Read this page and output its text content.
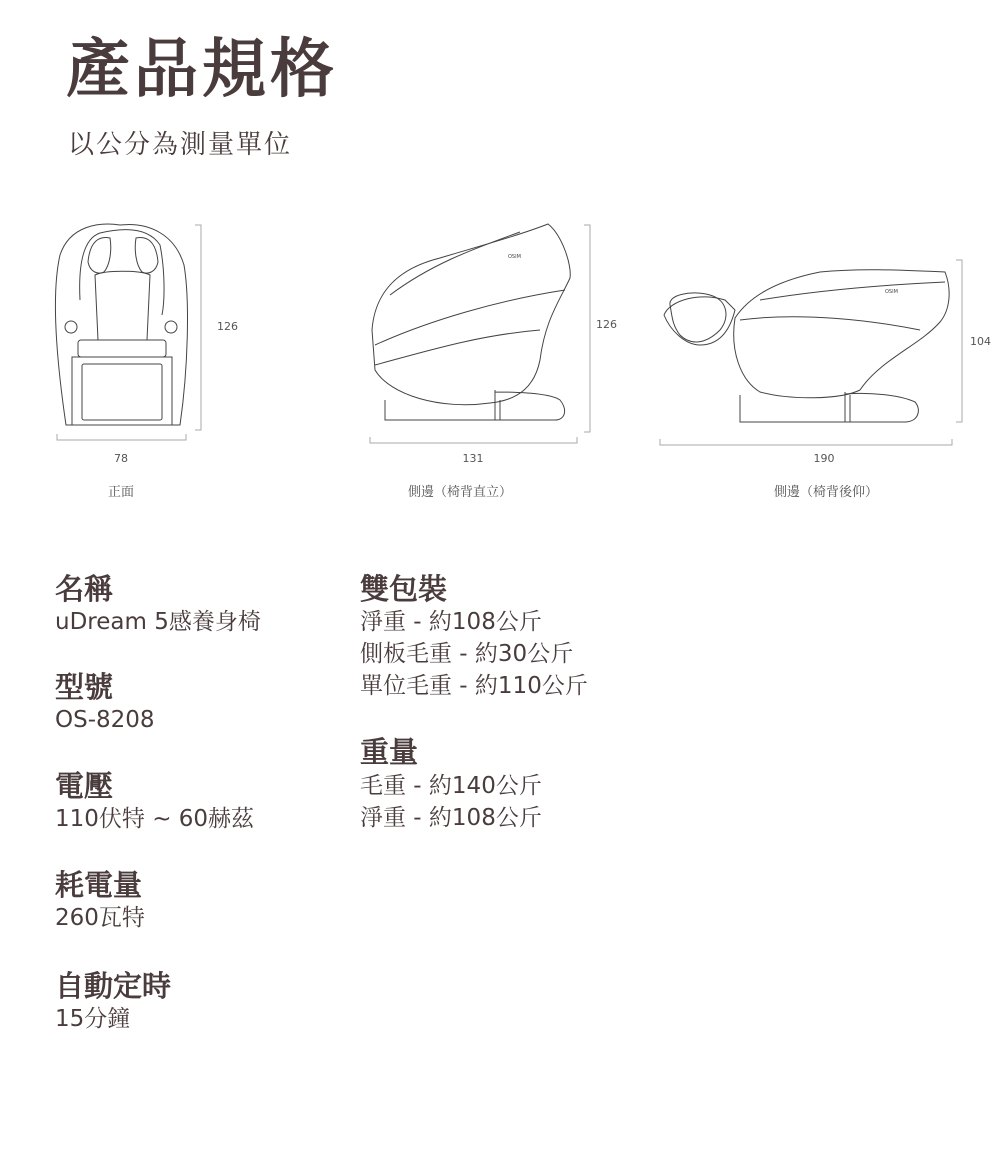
產品規格
以公分為測量單位
OSIM
OSIM
126
78
正面
126
131
側邊（椅背直立）
104
190
側邊（椅背後仰）
名稱
uDream 5感養身椅
型號
OS-8208
電壓
110伏特 ~ 60赫茲
耗電量
260瓦特
自動定時
15分鐘
雙包裝
淨重 - 約108公斤
側板毛重 - 約30公斤
單位毛重 - 約110公斤
重量
毛重 - 約140公斤
淨重 - 約108公斤
